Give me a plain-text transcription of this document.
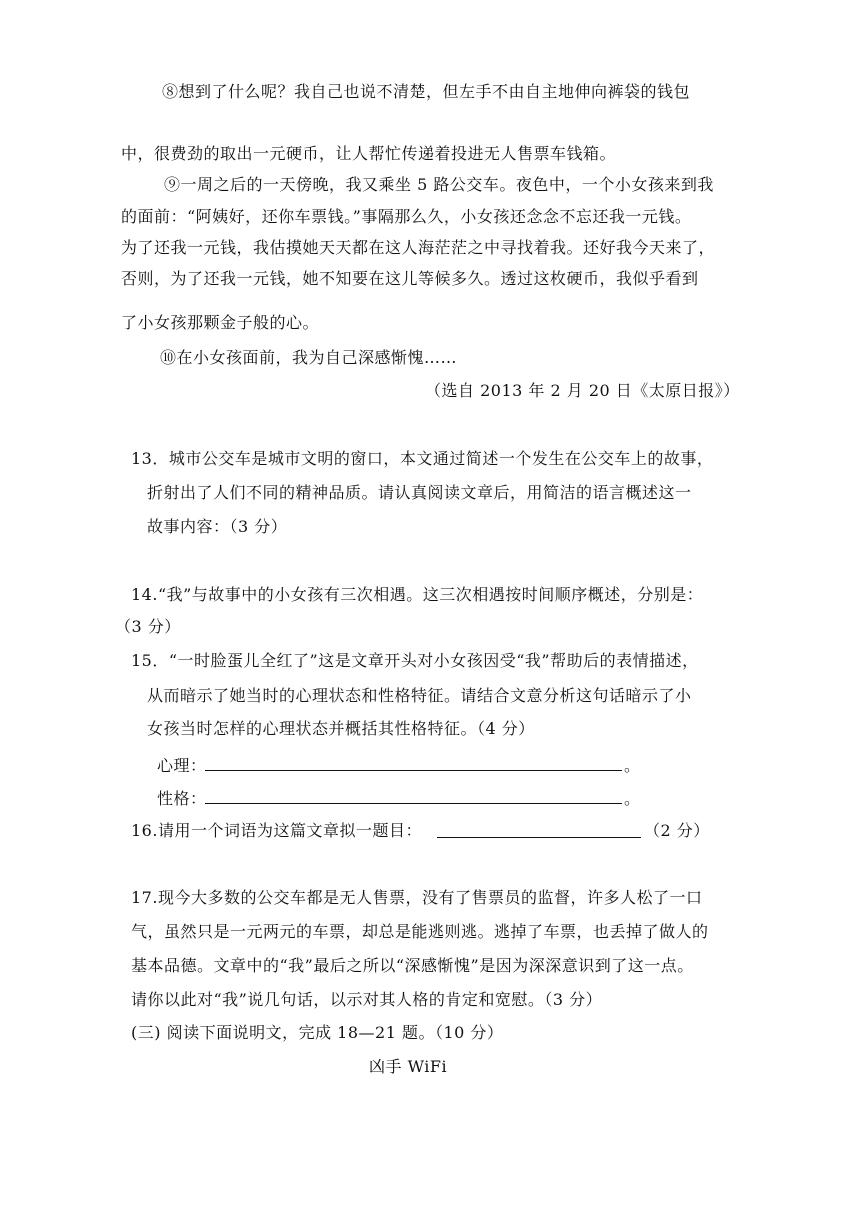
⑧想到了什么呢？我自己也说不清楚，但左手不由自主地伸向裤袋的钱包
中，很费劲的取出一元硬币，让人帮忙传递着投进无人售票车钱箱。
⑨一周之后的一天傍晚，我又乘坐 5 路公交车。夜色中，一个小女孩来到我
的面前：“阿姨好，还你车票钱。”事隔那么久，小女孩还念念不忘还我一元钱。
为了还我一元钱，我估摸她天天都在这人海茫茫之中寻找着我。还好我今天来了，
否则，为了还我一元钱，她不知要在这儿等候多久。透过这枚硬币，我似乎看到
了小女孩那颗金子般的心。
⑩在小女孩面前，我为自己深感惭愧……
（选自 2013 年 2 月 20 日《太原日报》）
13．城市公交车是城市文明的窗口，本文通过简述一个发生在公交车上的故事，
折射出了人们不同的精神品质。请认真阅读文章后，用简洁的语言概述这一
故事内容：（3 分）
14.“我”与故事中的小女孩有三次相遇。这三次相遇按时间顺序概述，分别是：
（3 分）
15．“一时脸蛋儿全红了”这是文章开头对小女孩因受“我”帮助后的表情描述，
从而暗示了她当时的心理状态和性格特征。请结合文意分析这句话暗示了小
女孩当时怎样的心理状态并概括其性格特征。（4 分）
心理：	。
性格：	。
16.请用一个词语为这篇文章拟一题目：	（2 分）
17.现今大多数的公交车都是无人售票，没有了售票员的监督，许多人松了一口
气，虽然只是一元两元的车票，却总是能逃则逃。逃掉了车票，也丢掉了做人的
基本品德。文章中的“我”最后之所以“深感惭愧”是因为深深意识到了这一点。
请你以此对“我”说几句话，以示对其人格的肯定和宽慰。（3 分）
(三) 阅读下面说明文，完成 18—21 题。（10 分）
凶手 WiFi
